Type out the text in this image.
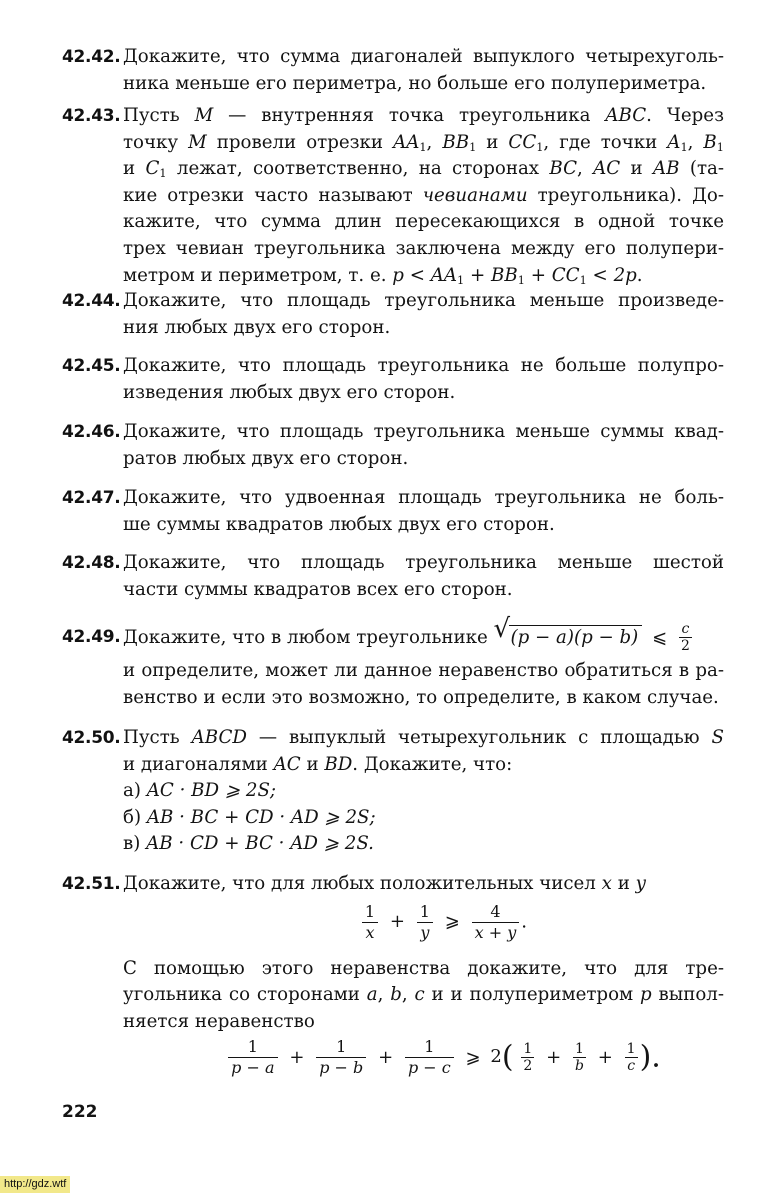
42.42. Докажите, что сумма диагоналей выпуклого четырехуголь-
ника меньше его периметра, но больше его полупериметра.
42.43. Пусть M — внутренняя точка треугольника ABC. Через
точку M провели отрезки $AA_1$, $BB_1$ и $CC_1$, где точки $A_1$, $B_1$
и $C_1$ лежат, соответственно, на сторонах BC, AC и AB (та-
кие отрезки часто называют чевианами треугольника). До-
кажите, что сумма длин пересекающихся в одной точке
трех чевиан треугольника заключена между его полупери-
метром и периметром, т. е. $p < AA_1 + BB_1 + CC_1 < 2p$.
42.44. Докажите, что площадь треугольника меньше произведе-
ния любых двух его сторон.
42.45. Докажите, что площадь треугольника не больше полупро-
изведения любых двух его сторон.
42.46. Докажите, что площадь треугольника меньше суммы квад-
ратов любых двух его сторон.
42.47. Докажите, что удвоенная площадь треугольника не боль-
ше суммы квадратов любых двух его сторон.
42.48. Докажите, что площадь треугольника меньше шестой
части суммы квадратов всех его сторон.
42.49. Докажите, что в любом треугольнике √ (p − a)(p − b) ⩽ $\frac{c}{2}$
и определите, может ли данное неравенство обратиться в ра-
венство и если это возможно, то определите, в каком случае.
42.50. Пусть ABCD — выпуклый четырехугольник с площадью S
и диагоналями AC и BD. Докажите, что:
а) AC · BD ⩾ 2S;
б) AB · BC + CD · AD ⩾ 2S;
в) AB · CD + BC · AD ⩾ 2S.
42.51. Докажите, что для любых положительных чисел x и y
$\frac{1}{x} + \frac{1}{y}$ ⩾ $\frac{4}{x + y}$ .
С помощью этого неравенства докажите, что для тре-
угольника со сторонами a, b, c и и полупериметром p выпол-
няется неравенство
$\frac{1}{p - a} + \frac{1}{p - b} + \frac{1}{p - c}$ ⩾ $2( \frac{1}{2} + \frac{1}{b} + \frac{1}{c}$ ).
222
http://gdz.wtf
